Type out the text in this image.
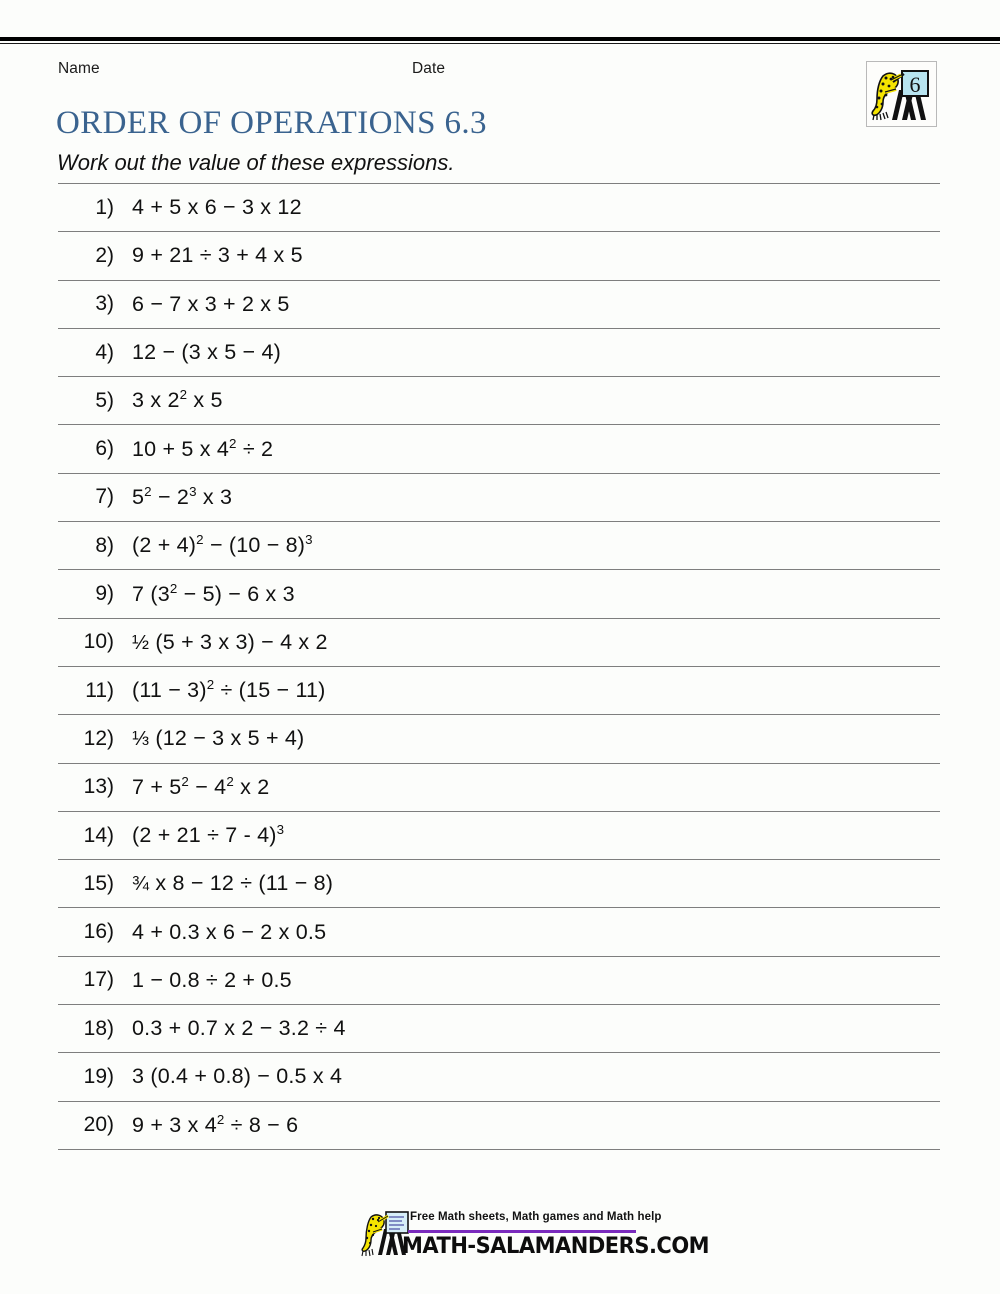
Name	Date
6
ORDER OF OPERATIONS 6.3
Work out the value of these expressions.
1)	4 + 5 x 6 − 3 x 12
2)	9 + 21 ÷ 3 + 4 x 5
3)	6 − 7 x 3 + 2 x 5
4)	12 − (3 x 5 − 4)
5)	3 x $2^2$ x 5
6)	10 + 5 x $4^2 \div 2$
7)	$5^2 - 2^3$ x 3
8)	$(2 + 4)^2 - (10 - 8)^3$
9)	7 $(3^2 - 5) - 6$ x 3
10)	½ (5 + 3 x 3) − 4 x 2
11)	$(11 - 3)^2 \div (15 - 11)$
12)	⅓ (12 − 3 x 5 + 4)
13)	$7 + 5^2 - 4^2$ x 2
14)	$(2 + 21 \div 7 - 4)^3$
15)	¾ x 8 − 12 ÷ (11 − 8)
16)	4 + 0.3 x 6 − 2 x 0.5
17)	1 − 0.8 ÷ 2 + 0.5
18)	0.3 + 0.7 x 2 − 3.2 ÷ 4
19)	3 (0.4 + 0.8) − 0.5 x 4
20)	9 + 3 x $4^2 \div 8 - 6$
Free Math sheets, Math games and Math help
MATH-SALAMANDERS.COM
